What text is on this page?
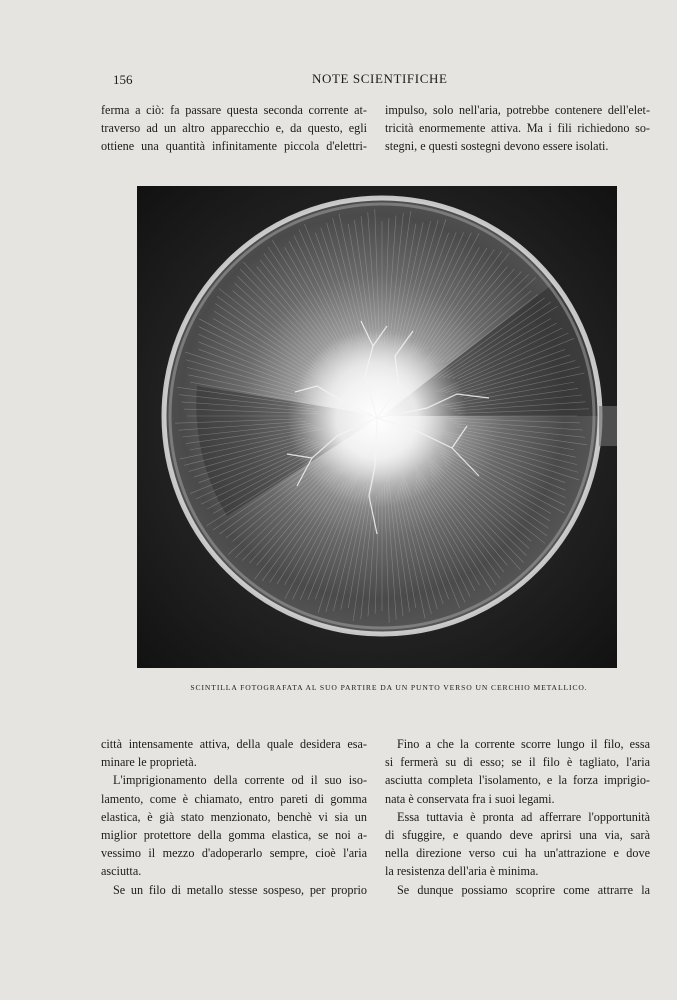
156	NOTE SCIENTIFICHE
ferma a ciò: fa passare questa seconda corrente at-
traverso ad un altro apparecchio e, da questo, egli
ottiene una quantità infinitamente piccola d'elettri-
impulso, solo nell'aria, potrebbe contenere dell'elet-
tricità enormemente attiva. Ma i fili richiedono so-
stegni, e questi sostegni devono essere isolati.
SCINTILLA FOTOGRAFATA AL SUO PARTIRE DA UN PUNTO VERSO UN CERCHIO METALLICO.

città intensamente attiva, della quale desidera esa-
minare le proprietà.

L'imprigionamento della corrente od il suo iso-
lamento, come è chiamato, entro pareti di gomma
elastica, è già stato menzionato, benchè vi sia un
miglior protettore della gomma elastica, se noi a-
vessimo il mezzo d'adoperarlo sempre, cioè l'aria
asciutta.

Se un filo di metallo stesse sospeso, per proprio

Fino a che la corrente scorre lungo il filo, essa
si fermerà su di esso; se il filo è tagliato, l'aria
asciutta completa l'isolamento, e la forza imprigio-
nata è conservata fra i suoi legami.

Essa tuttavia è pronta ad afferrare l'opportunità
di sfuggire, e quando deve aprirsi una via, sarà
nella direzione verso cui ha un'attrazione e dove
la resistenza dell'aria è minima.

Se dunque possiamo scoprire come attrarre la
